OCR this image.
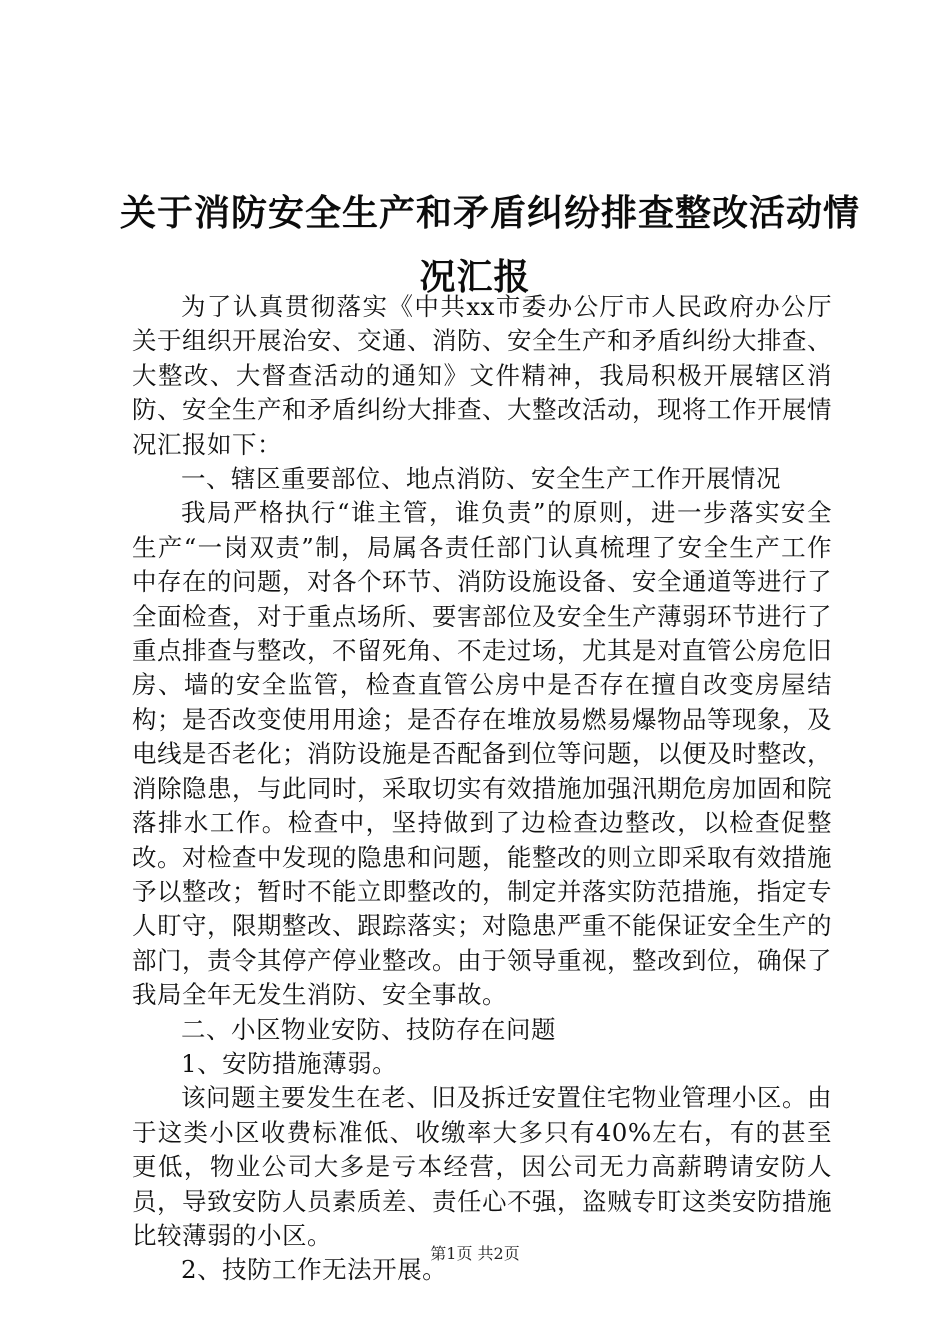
关于消防安全生产和矛盾纠纷排查整改活动情
况汇报

为了认真贯彻落实《中共xx市委办公厅市人民政府办公厅关于组织开展治安、交通、消防、安全生产和矛盾纠纷大排查、大整改、大督查活动的通知》文件精神，我局积极开展辖区消防、安全生产和矛盾纠纷大排查、大整改活动，现将工作开展情况汇报如下：

一、辖区重要部位、地点消防、安全生产工作开展情况

我局严格执行“谁主管，谁负责”的原则，进一步落实安全生产“一岗双责”制，局属各责任部门认真梳理了安全生产工作中存在的问题，对各个环节、消防设施设备、安全通道等进行了全面检查，对于重点场所、要害部位及安全生产薄弱环节进行了重点排查与整改，不留死角、不走过场，尤其是对直管公房危旧房、墙的安全监管，检查直管公房中是否存在擅自改变房屋结构；是否改变使用用途；是否存在堆放易燃易爆物品等现象，及电线是否老化；消防设施是否配备到位等问题，以便及时整改，消除隐患，与此同时，采取切实有效措施加强汛期危房加固和院落排水工作。检查中，坚持做到了边检查边整改，以检查促整改。对检查中发现的隐患和问题，能整改的则立即采取有效措施予以整改；暂时不能立即整改的，制定并落实防范措施，指定专人盯守，限期整改、跟踪落实；对隐患严重不能保证安全生产的部门，责令其停产停业整改。由于领导重视，整改到位，确保了我局全年无发生消防、安全事故。

二、小区物业安防、技防存在问题

1、安防措施薄弱。

该问题主要发生在老、旧及拆迁安置住宅物业管理小区。由于这类小区收费标准低、收缴率大多只有40%左右，有的甚至更低，物业公司大多是亏本经营，因公司无力高薪聘请安防人员，导致安防人员素质差、责任心不强，盗贼专盯这类安防措施比较薄弱的小区。

2、技防工作无法开展。

第1页 共2页
